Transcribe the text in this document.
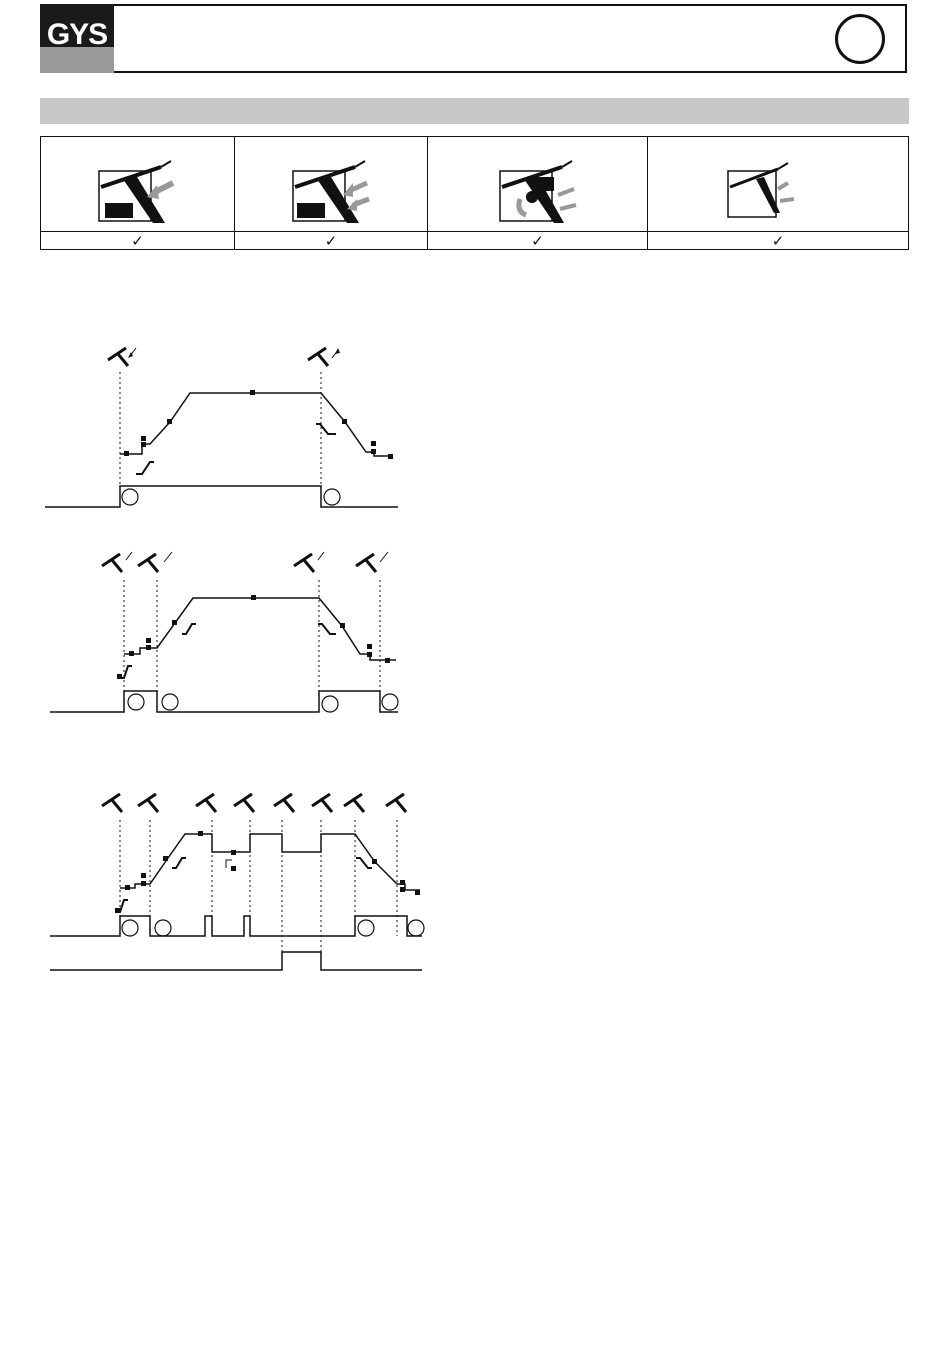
GYS
✓	✓	✓	✓
